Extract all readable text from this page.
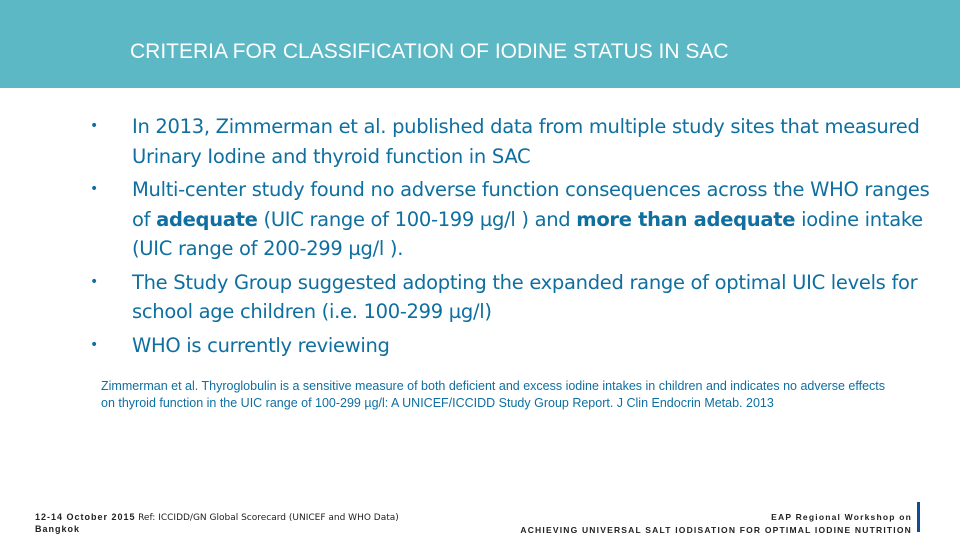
CRITERIA FOR CLASSIFICATION OF IODINE STATUS IN SAC
•	In 2013, Zimmerman et al. published data from multiple study sites that measured Urinary Iodine and thyroid function in SAC
•	Multi-center study found no adverse function consequences across the WHO ranges of adequate (UIC range of 100-199 µg/l ) and more than adequate iodine intake (UIC range of 200-299 µg/l ).
•	The Study Group suggested adopting the expanded range of optimal UIC levels for school age children (i.e. 100-299 µg/l)
•	WHO is currently reviewing

Zimmerman et al. Thyroglobulin is a sensitive measure of both deficient and excess iodine intakes in children and indicates no adverse effects on thyroid function in the UIC range of 100-299 µg/l: A UNICEF/ICCIDD Study Group Report. J Clin Endocrin Metab. 2013

12-14 October 2015 Ref: ICCIDD/GN Global Scorecard (UNICEF and WHO Data)
Bangkok
EAP Regional Workshop on
ACHIEVING UNIVERSAL SALT IODISATION FOR OPTIMAL IODINE NUTRITION
